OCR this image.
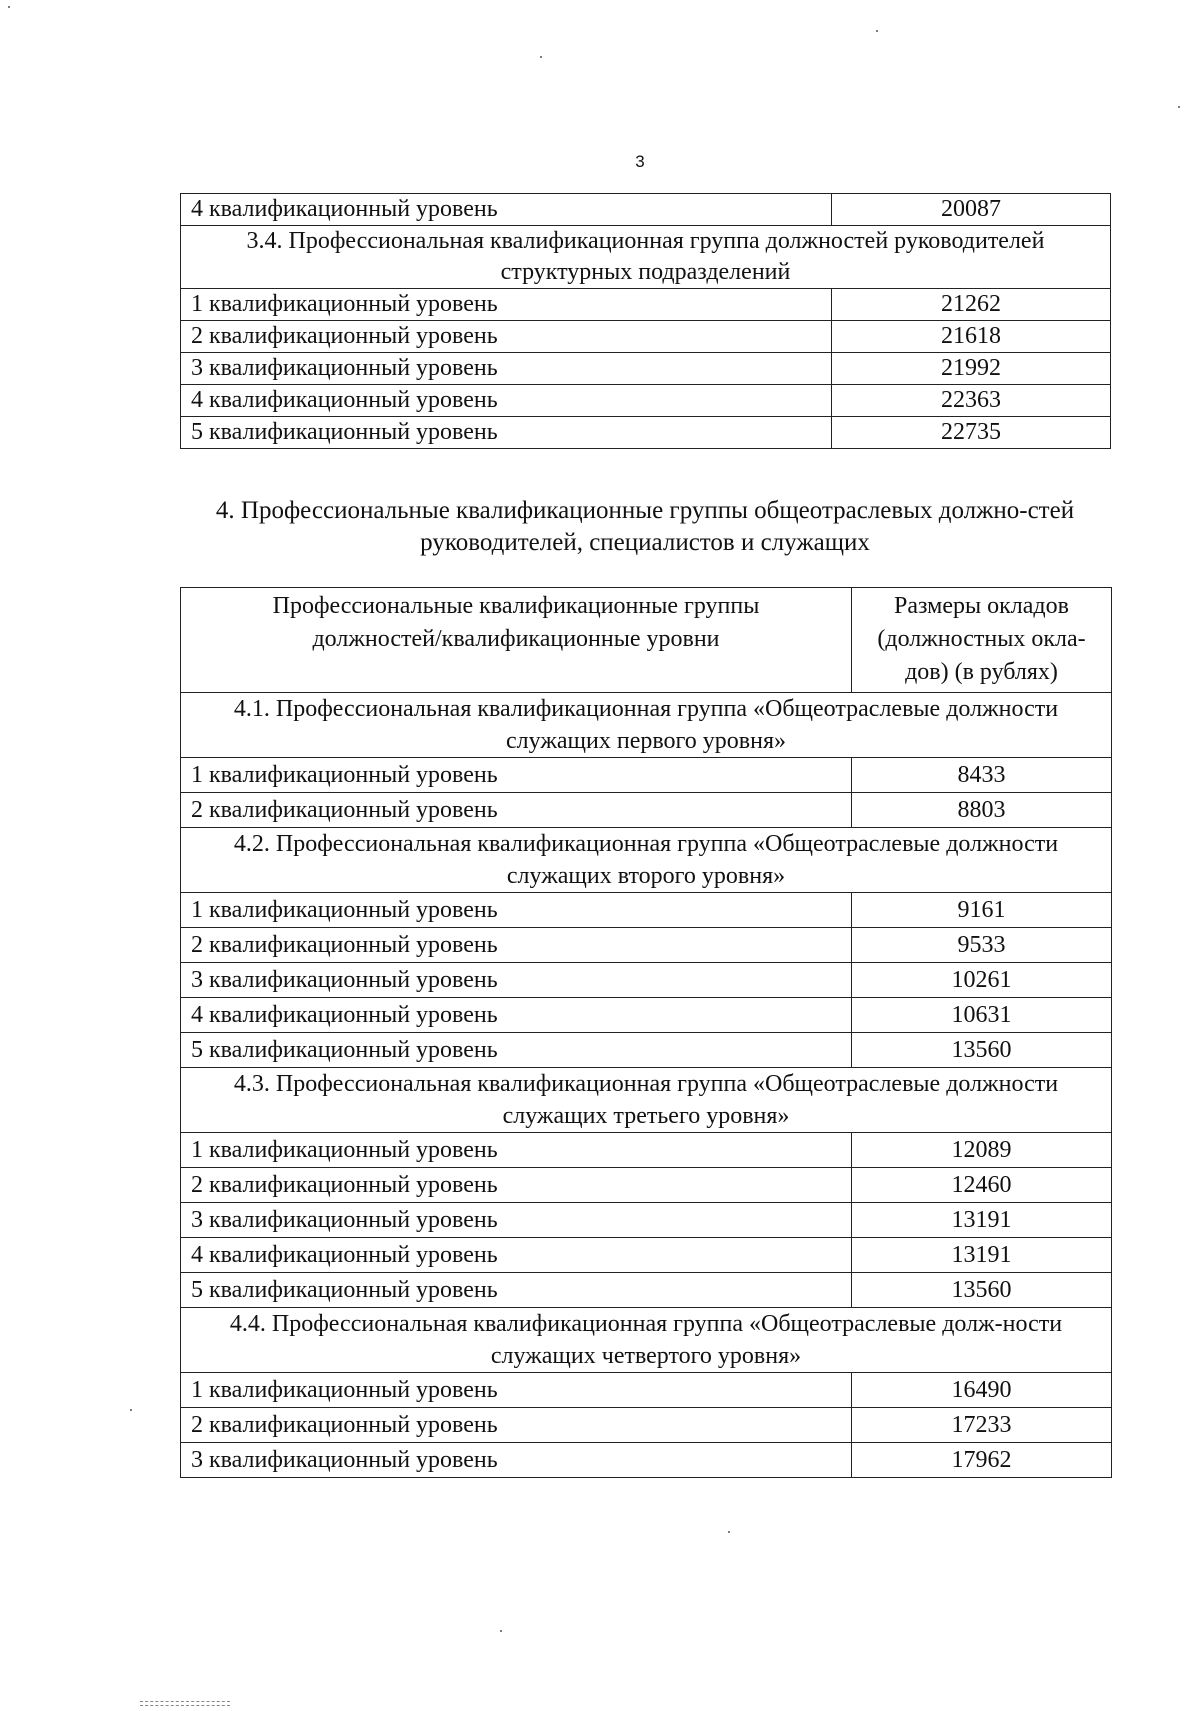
3
4 квалификационный уровень	20087
3.4. Профессиональная квалификационная группа должностей руководителей структурных подразделений	
1 квалификационный уровень	21262
2 квалификационный уровень	21618
3 квалификационный уровень	21992
4 квалификационный уровень	22363
5 квалификационный уровень	22735
4. Профессиональные квалификационные группы общеотраслевых должно-стей руководителей, специалистов и служащих
Профессиональные квалификационные группы должностей/квалификационные уровни	Размеры окладов (должностных окла-дов) (в рублях)
4.1. Профессиональная квалификационная группа «Общеотраслевые должности служащих первого уровня»	
1 квалификационный уровень	8433
2 квалификационный уровень	8803
4.2. Профессиональная квалификационная группа «Общеотраслевые должности служащих второго уровня»	
1 квалификационный уровень	9161
2 квалификационный уровень	9533
3 квалификационный уровень	10261
4 квалификационный уровень	10631
5 квалификационный уровень	13560
4.3. Профессиональная квалификационная группа «Общеотраслевые должности служащих третьего уровня»	
1 квалификационный уровень	12089
2 квалификационный уровень	12460
3 квалификационный уровень	13191
4 квалификационный уровень	13191
5 квалификационный уровень	13560
4.4. Профессиональная квалификационная группа «Общеотраслевые долж-ности служащих четвертого уровня»	
1 квалификационный уровень	16490
2 квалификационный уровень	17233
3 квалификационный уровень	17962
